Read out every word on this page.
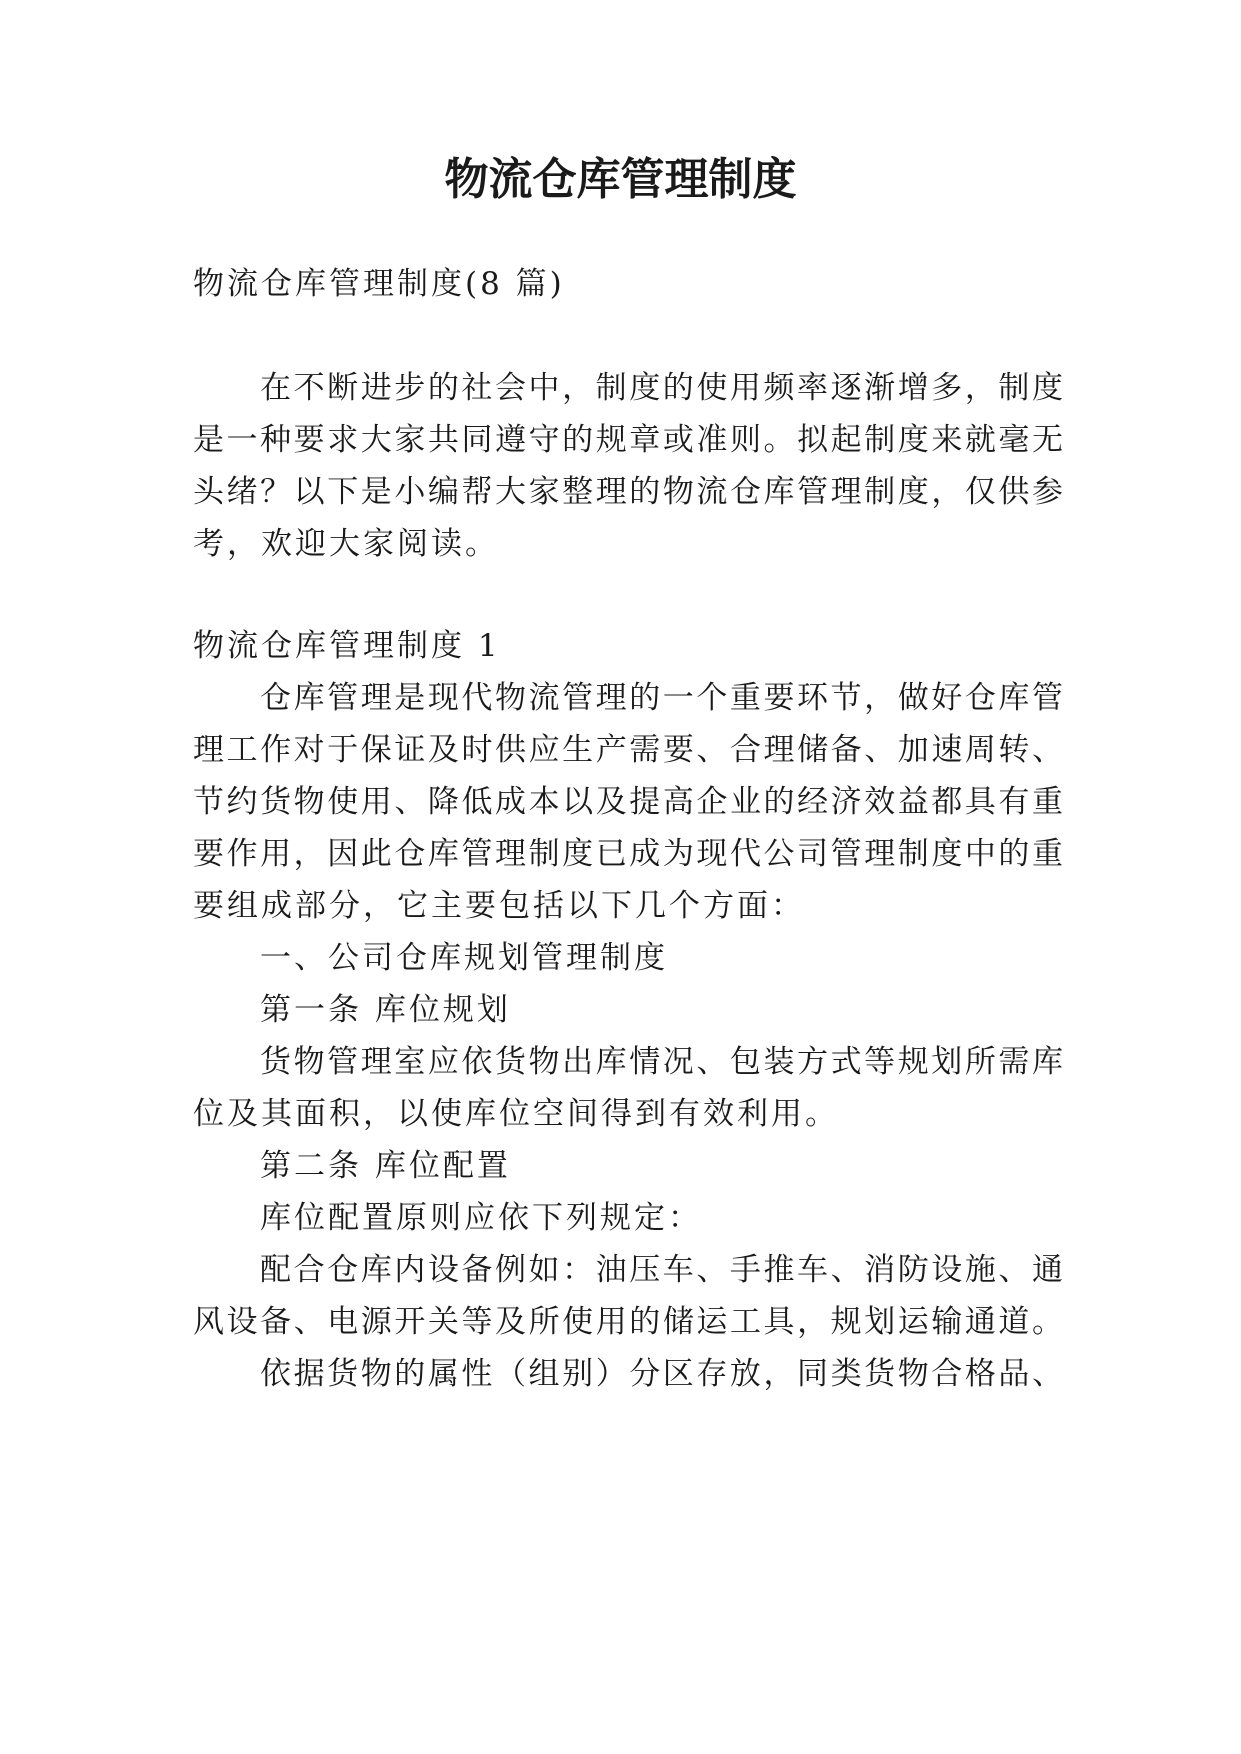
物流仓库管理制度

物流仓库管理制度(8 篇)

在不断进步的社会中，制度的使用频率逐渐增多，制度

是一种要求大家共同遵守的规章或准则。拟起制度来就毫无

头绪？以下是小编帮大家整理的物流仓库管理制度，仅供参

考，欢迎大家阅读。

物流仓库管理制度 1

仓库管理是现代物流管理的一个重要环节，做好仓库管

理工作对于保证及时供应生产需要、合理储备、加速周转、

节约货物使用、降低成本以及提高企业的经济效益都具有重

要作用，因此仓库管理制度已成为现代公司管理制度中的重

要组成部分，它主要包括以下几个方面：

一、公司仓库规划管理制度

第一条 库位规划

货物管理室应依货物出库情况、包装方式等规划所需库

位及其面积，以使库位空间得到有效利用。

第二条 库位配置

库位配置原则应依下列规定：

配合仓库内设备例如：油压车、手推车、消防设施、通

风设备、电源开关等及所使用的储运工具，规划运输通道。

依据货物的属性（组别）分区存放，同类货物合格品、
